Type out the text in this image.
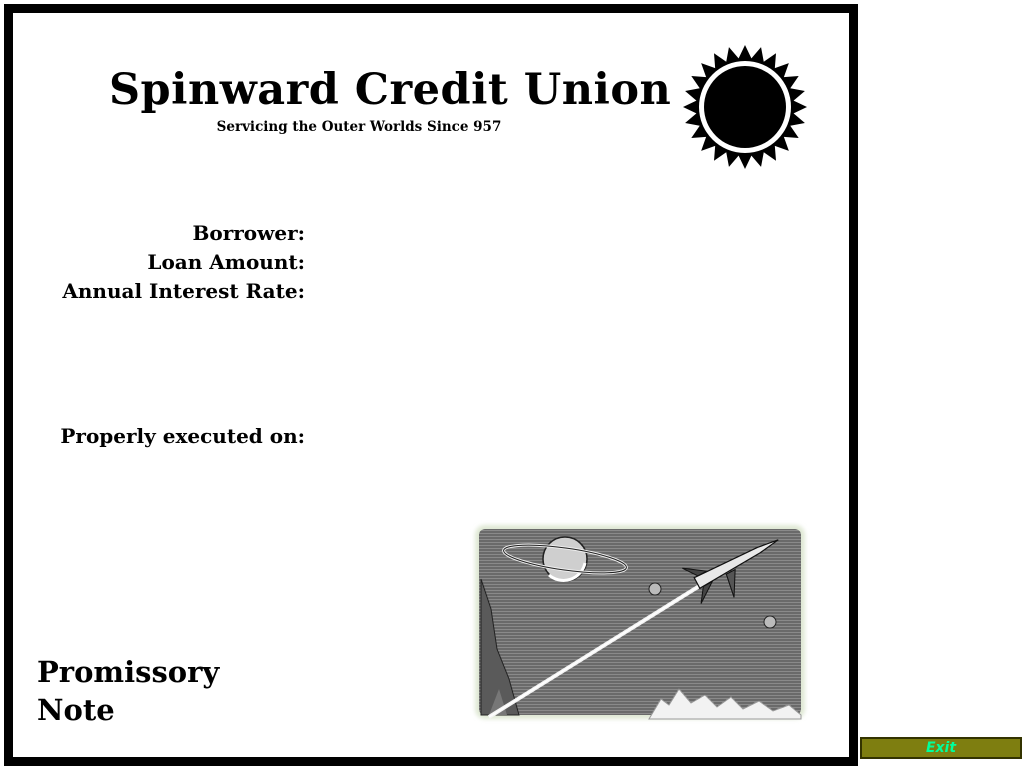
Spinward Credit Union
Servicing the Outer Worlds Since 957
Borrower:
Loan Amount:
Annual Interest Rate:
Properly executed on:
Promissory
Note
Exit
